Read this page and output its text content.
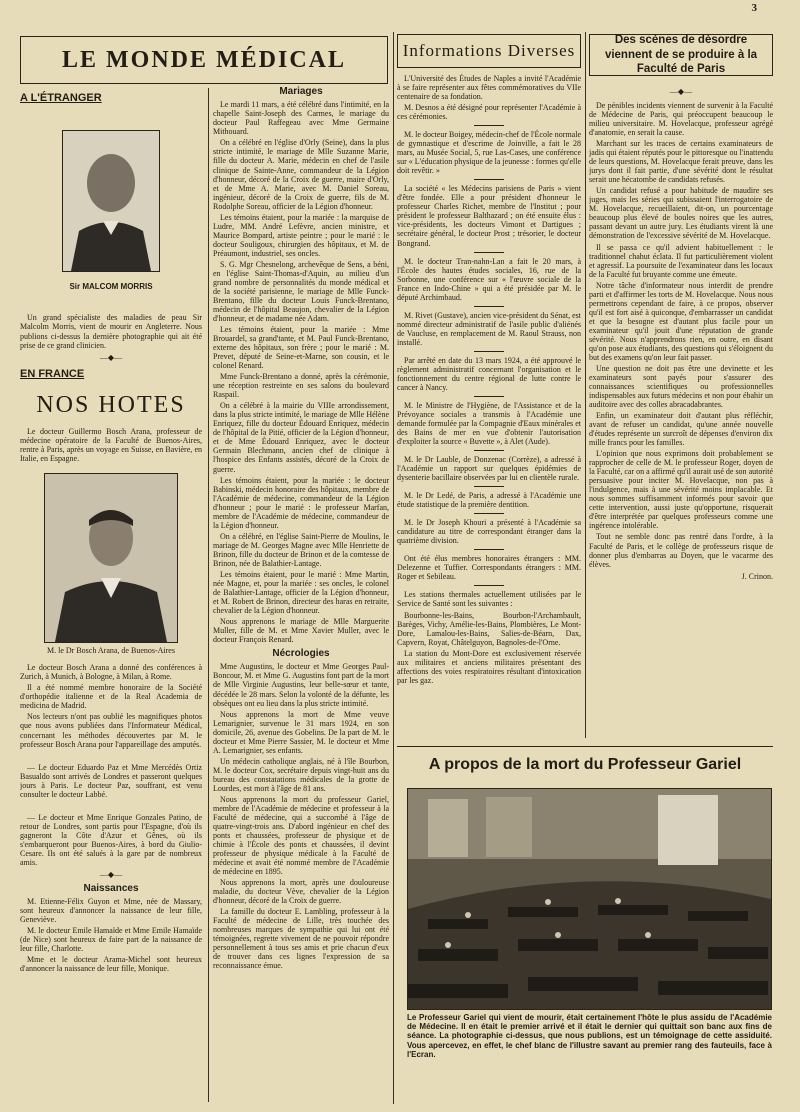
3
LE MONDE MÉDICAL
A L'ÉTRANGER
Sir MALCOM MORRIS

Un grand spécialiste des maladies de peau Sir Malcolm Morris, vient de mourir en Angleterre. Nous publions ci-dessus la dernière photographie qui ait été prise de ce grand clinicien.

—◆—
EN FRANCE
NOS HOTES

Le docteur Guillermo Bosch Arana, professeur de médecine opératoire de la Faculté de Buenos-Aires, rentre à Paris, après un voyage en Suisse, en Bavière, en Italie, en Espagne.

M. le Dr Bosch Arana, de Buenos-Aires

Le docteur Bosch Arana a donné des conférences à Zurich, à Munich, à Bologne, à Milan, à Rome.

Il a été nommé membre honoraire de la Société d'orthopédie italienne et de la Real Academia de medicina de Madrid.

Nos lecteurs n'ont pas oublié les magnifiques photos que nous avons publiées dans l'Informateur Médical, concernant les méthodes découvertes par M. le professeur Bosch Arana pour l'appareillage des amputés.

— Le docteur Eduardo Paz et Mme Mercédès Ortiz Basualdo sont arrivés de Londres et passeront quelques jours à Paris. Le docteur Paz, souffrant, est venu consulter le docteur Labbé.

— Le docteur et Mme Enrique Gonzales Patino, de retour de Londres, sont partis pour l'Espagne, d'où ils gagneront la Côte d'Azur et Gênes, où ils s'embarqueront pour Buenos-Aires, à bord du Giulio-Cesare. Ils ont été salués à la gare par de nombreux amis.

—◆—
Naissances

M. Etienne-Félix Guyon et Mme, née de Massary, sont heureux d'annoncer la naissance de leur fille, Geneviève.

M. le docteur Emile Hamaïde et Mme Emile Hamaïde (de Nice) sont heureux de faire part de la naissance de leur fille, Charlotte.

Mme et le docteur Arama-Michel sont heureux d'annoncer la naissance de leur fille, Monique.

Mariages

Le mardi 11 mars, a été célébré dans l'intimité, en la chapelle Saint-Joseph des Carmes, le mariage du docteur Paul Raffegeau avec Mme Germaine Mithouard.

On a célébré en l'église d'Orly (Seine), dans la plus stricte intimité, le mariage de Mlle Suzanne Marie, fille du docteur A. Marie, médecin en chef de l'asile clinique de Sainte-Anne, commandeur de la Légion d'honneur, décoré de la Croix de guerre, maire d'Orly, et de Mme A. Marie, avec M. Daniel Soreau, ingénieur, décoré de la Croix de guerre, fils de M. Rodolphe Soreau, officier de la Légion d'honneur.

Les témoins étaient, pour la mariée : la marquise de Ludre, MM. André Lefèvre, ancien ministre, et Maurice Bompard, artiste peintre ; pour le marié : le docteur Souligoux, chirurgien des hôpitaux, et M. de Préaumont, industriel, ses oncles.

S. G. Mgr Chesnelong, archevêque de Sens, a béni, en l'église Saint-Thomas-d'Aquin, au milieu d'un grand nombre de personnalités du monde médical et de la société parisienne, le mariage de Mlle Funck-Brentano, fille du docteur Louis Funck-Brentano, médecin de l'hôpital Beaujon, chevalier de la Légion d'honneur, et de madame née Adam.

Les témoins étaient, pour la mariée : Mme Brouardel, sa grand'tante, et M. Paul Funck-Brentano, externe des hôpitaux, son frère ; pour le marié : M. Prevet, député de Seine-et-Marne, son cousin, et le colonel Renard.

Mme Funck-Brentano a donné, après la cérémonie, une réception restreinte en ses salons du boulevard Raspail.

On a célébré à la mairie du VIIIe arrondissement, dans la plus stricte intimité, le mariage de Mlle Hélène Enriquez, fille du docteur Édouard Enriquez, médecin de l'hôpital de la Pitié, officier de la Légion d'honneur, et de Mme Édouard Enriquez, avec le docteur Germain Blechmann, ancien chef de clinique à l'hospice des Enfants assistés, décoré de la Croix de guerre.

Les témoins étaient, pour la mariée : le docteur Babinski, médecin honoraire des hôpitaux, membre de l'Académie de médecine, commandeur de la Légion d'honneur ; pour le marié : le professeur Marfan, membre de l'Académie de médecine, commandeur de la Légion d'honneur.

On a célébré, en l'église Saint-Pierre de Moulins, le mariage de M. Georges Magne avec Mlle Henriette de Brinon, fille du docteur de Brinon et de la comtesse de Brinon, née de Balathier-Lantage.

Les témoins étaient, pour le marié : Mme Martin, née Magne, et, pour la mariée : ses oncles, le colonel de Balathier-Lantage, officier de la Légion d'honneur, et M. Robert de Brinon, directeur des haras en retraite, chevalier de la Légion d'honneur.

Nous apprenons le mariage de Mlle Marguerite Muller, fille de M. et Mme Xavier Muller, avec le docteur François Renard.

Nécrologies

Mme Augustins, le docteur et Mme Georges Paul-Boncour, M. et Mme G. Augustins font part de la mort de Mlle Virginie Augustins, leur belle-sœur et tante, décédée le 28 mars. Selon la volonté de la défunte, les obsèques ont eu lieu dans la plus stricte intimité.

Nous apprenons la mort de Mme veuve Lemarignier, survenue le 31 mars 1924, en son domicile, 26, avenue des Gobelins. De la part de M. le docteur et Mme Pierre Sassier, M. le docteur et Mme A. Lemarignier, ses enfants.

Un médecin catholique anglais, né à l'île Bourbon, M. le docteur Cox, secrétaire depuis vingt-huit ans du bureau des constatations médicales de la grotte de Lourdes, est mort à l'âge de 81 ans.

Nous apprenons la mort du professeur Gariel, membre de l'Académie de médecine et professeur à la Faculté de médecine, qui a succombé à l'âge de quatre-vingt-trois ans. D'abord ingénieur en chef des ponts et chaussées, professeur de physique et de chimie à l'École des ponts et chaussées, il devint professeur de physique médicale à la Faculté de médecine et avait été nommé membre de l'Académie de médecine en 1895.

Nous apprenons la mort, après une douloureuse maladie, du docteur Vève, chevalier de la Légion d'honneur, décoré de la Croix de guerre.

La famille du docteur E. Lambling, professeur à la Faculté de médecine de Lille, très touchée des nombreuses marques de sympathie qui lui ont été témoignées, regrette vivement de ne pouvoir répondre personnellement à tous ses amis et prie chacun d'eux de trouver dans ces lignes l'expression de sa reconnaissance émue.

Informations Diverses

L'Université des Études de Naples a invité l'Académie à se faire représenter aux fêtes commémoratives du VIIe centenaire de sa fondation.

M. Desnos a été désigné pour représenter l'Académie à ces cérémonies.

M. le docteur Boigey, médecin-chef de l'École normale de gymnastique et d'escrime de Joinville, a fait le 28 mars, au Musée Social, 5, rue Las-Cases, une conférence sur « L'éducation physique de la jeunesse : formes qu'elle doit revêtir. »

La société « les Médecins parisiens de Paris » vient d'être fondée. Elle a pour président d'honneur le professeur Charles Richet, membre de l'Institut ; pour président le professeur Balthazard ; on été ensuite élus : vice-présidents, les docteurs Vimont et Dartigues ; secrétaire général, le docteur Prost ; trésorier, le docteur Bongrand.

M. le docteur Tran-nahn-Lan a fait le 20 mars, à l'École des hautes études sociales, 16, rue de la Sorbonne, une conférence sur « l'œuvre sociale de la France en Indo-Chine » qui a été présidée par M. le député Archimbaud.

M. Rivet (Gustave), ancien vice-président du Sénat, est nommé directeur administratif de l'asile public d'aliénés de Vaucluse, en remplacement de M. Raoul Strauss, non installé.

Par arrêté en date du 13 mars 1924, a été approuvé le règlement administratif concernant l'organisation et le fonctionnement du centre régional de lutte contre le cancer à Nancy.

M. le Ministre de l'Hygiène, de l'Assistance et de la Prévoyance sociales a transmis à l'Académie une demande formulée par la Compagnie d'Eaux minérales et des Bains de mer en vue d'obtenir l'autorisation d'exploiter la source « Buvette », à Alet (Aude).

M. le Dr Lauble, de Donzenac (Corrèze), a adressé à l'Académie un rapport sur quelques épidémies de dysenterie bacillaire observées par lui en clientèle rurale.

M. le Dr Ledé, de Paris, a adressé à l'Académie une étude statistique de la première dentition.

M. le Dr Joseph Khouri a présenté à l'Académie sa candidature au titre de correspondant étranger dans la quatrième division.

Ont été élus membres honoraires étrangers : MM. Delezenne et Tuffier. Correspondants étrangers : MM. Roger et Sebileau.

Les stations thermales actuellement utilisées par le Service de Santé sont les suivantes :

Bourbonne-les-Bains, Bourbon-l'Archambault, Barèges, Vichy, Amélie-les-Bains, Plombières, Le Mont-Dore, Lamalou-les-Bains, Salies-de-Béarn, Dax, Capvern, Royat, Châtelguyon, Bagnoles-de-l'Orne.

La station du Mont-Dore est exclusivement réservée aux militaires et anciens militaires présentant des affections des voies respiratoires résultant d'intoxication par les gaz.

Des scènes de désordre viennent de se produire à la Faculté de Paris
—◆—

De pénibles incidents viennent de survenir à la Faculté de Médecine de Paris, qui préoccupent beaucoup le milieu universitaire. M. Hovelacque, professeur agrégé d'anatomie, en serait la cause.

Marchant sur les traces de certains examinateurs de jadis qui étaient réputés pour le pittoresque ou l'inattendu de leurs questions, M. Hovelacque ferait preuve, dans les jurys dont il fait partie, d'une sévérité dont le résultat serait une hécatombe de candidats refusés.

Un candidat refusé a pour habitude de maudire ses juges, mais les séries qui subissaient l'interrogatoire de M. Hovelacque, recueillaient, dit-on, un pourcentage beaucoup plus élevé de boules noires que les autres, passant devant un autre jury. Les étudiants virent là une démonstration de l'excessive sévérité de M. Hovelacque.

Il se passa ce qu'il advient habituellement : le traditionnel chahut éclata. Il fut particulièrement violent et agressif. La poursuite de l'examinateur dans les locaux de la Faculté fut bruyante comme une émeute.

Notre tâche d'informateur nous interdit de prendre parti et d'affirmer les torts de M. Hovelacque. Nous nous permettrons cependant de faire, à ce propos, observer qu'il est fort aisé à quiconque, d'embarrasser un candidat et que la besogne est d'autant plus facile pour un examinateur qu'il jouit d'une réputation de grande sévérité. Nous n'apprendrons rien, en outre, en disant qu'on pose aux étudiants, des questions qui s'éloignent du but des examens qu'on leur fait passer.

Une question ne doit pas être une devinette et les examinateurs sont payés pour s'assurer des connaissances scientifiques ou professionnelles indispensables aux futurs médecins et non pour ébahir un auditoire avec des colles abracadabrantes.

Enfin, un examinateur doit d'autant plus réfléchir, avant de refuser un candidat, qu'une année nouvelle d'études représente un surcroît de dépenses d'environ dix mille francs pour les familles.

L'opinion que nous exprimons doit probablement se rapprocher de celle de M. le professeur Roger, doyen de la Faculté, car on a affirmé qu'il aurait usé de son autorité persuasive pour inciter M. Hovelacque, non pas à l'indulgence, mais à une sévérité moins implacable. Et nous sommes suffisamment informés pour savoir que cette intervention, aussi juste qu'opportune, risquerait d'être interprétée par quelques professeurs comme une ingérence intolérable.

Tout ne semble donc pas rentré dans l'ordre, à la Faculté de Paris, et le collège de professeurs risque de donner plus d'embarras au Doyen, que le vacarme des élèves.

J. Crinon.
A propos de la mort du Professeur Gariel
Le Professeur Gariel qui vient de mourir, était certainement l'hôte le plus assidu de l'Académie de Médecine. Il en était le premier arrivé et il était le dernier qui quittait son banc aux fins de séance. La photographie ci-dessus, que nous publions, est un témoignage de cette assiduité. Vous apercevez, en effet, le chef blanc de l'illustre savant au premier rang des fauteuils, face à l'Ecran.
